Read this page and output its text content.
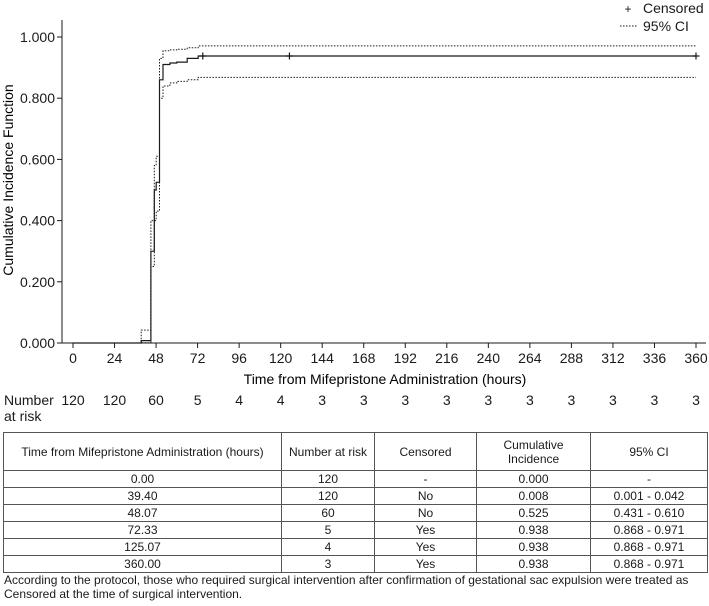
0.000
0.200
0.400
0.600
0.800
1.000
0 24 48 72 96 120 144 168 192 216 240 264 288 312 336 360
+ Censored
95% CI
Cumulative Incidence Function
Time from Mifepristone Administration (hours)
Number
at risk
120 120 60 5 4 4 3 3 3 3 3 3 3 3 3 3
Time from Mifepristone Administration (hours)	Number at risk	Censored	Cumulative Incidence	95% CI
0.00	120	-	0.000	-
39.40	120	No	0.008	0.001 - 0.042
48.07	60	No	0.525	0.431 - 0.610
72.33	5	Yes	0.938	0.868 - 0.971
125.07	4	Yes	0.938	0.868 - 0.971
360.00	3	Yes	0.938	0.868 - 0.971
According to the protocol, those who required surgical intervention after confirmation of gestational sac expulsion were treated as Censored at the time of surgical intervention.
